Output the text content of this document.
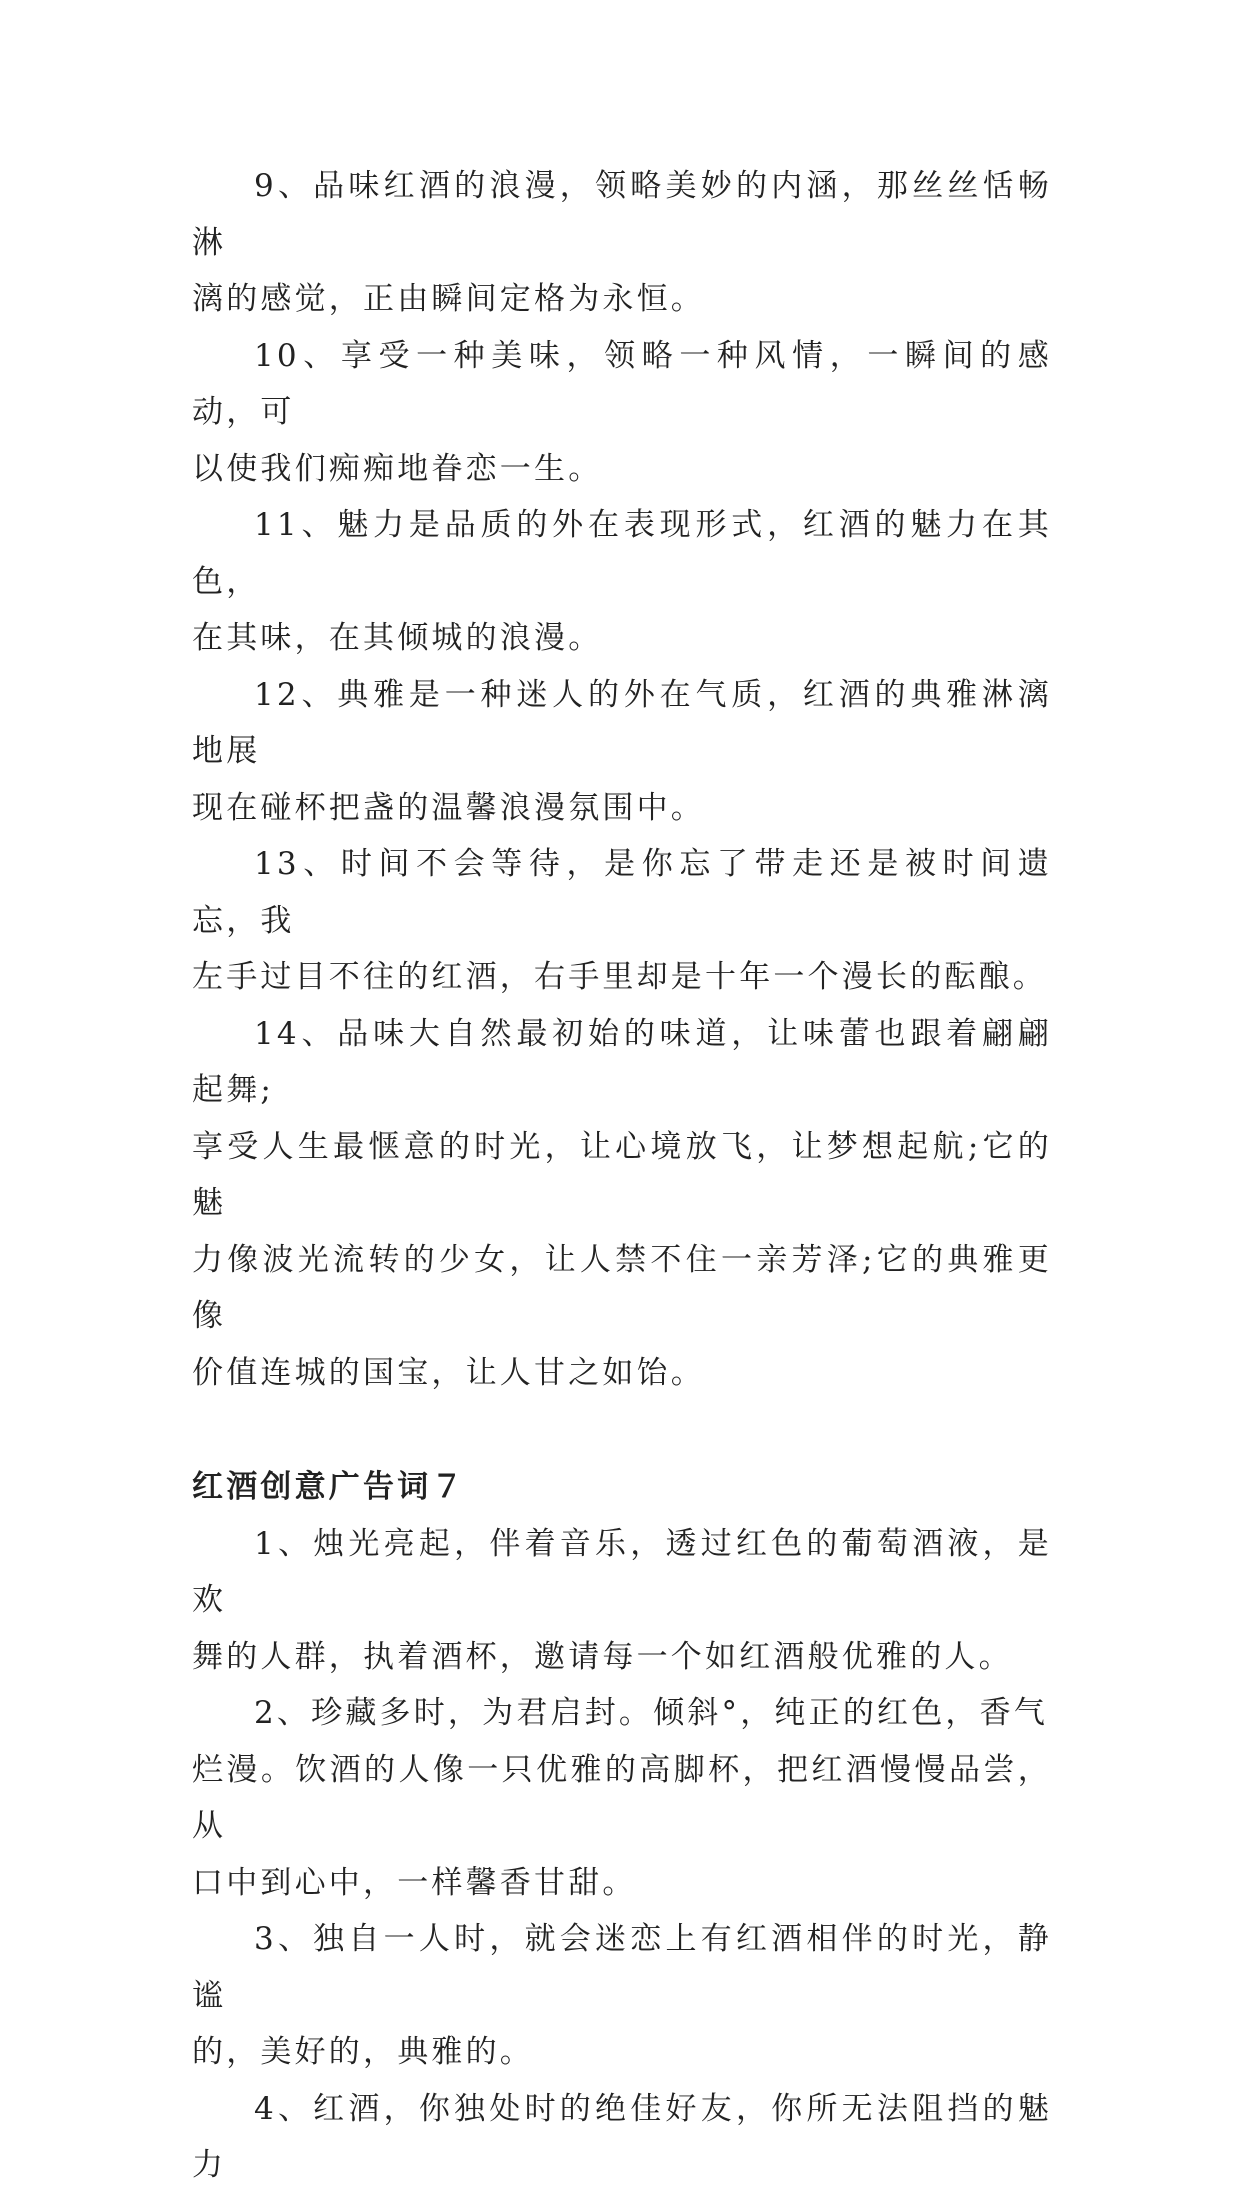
9、品味红酒的浪漫，领略美妙的内涵，那丝丝恬畅淋
漓的感觉，正由瞬间定格为永恒。

10、享受一种美味，领略一种风情，一瞬间的感动，可
以使我们痴痴地眷恋一生。

11、魅力是品质的外在表现形式，红酒的魅力在其色，
在其味，在其倾城的浪漫。

12、典雅是一种迷人的外在气质，红酒的典雅淋漓地展
现在碰杯把盏的温馨浪漫氛围中。

13、时间不会等待，是你忘了带走还是被时间遗忘，我
左手过目不往的红酒，右手里却是十年一个漫长的酝酿。

14、品味大自然最初始的味道，让味蕾也跟着翩翩起舞;
享受人生最惬意的时光，让心境放飞，让梦想起航;它的魅
力像波光流转的少女，让人禁不住一亲芳泽;它的典雅更像
价值连城的国宝，让人甘之如饴。

红酒创意广告词７

1、烛光亮起，伴着音乐，透过红色的葡萄酒液，是欢
舞的人群，执着酒杯，邀请每一个如红酒般优雅的人。

2、珍藏多时，为君启封。倾斜°，纯正的红色，香气
烂漫。饮酒的人像一只优雅的高脚杯，把红酒慢慢品尝，从
口中到心中，一样馨香甘甜。

3、独自一人时，就会迷恋上有红酒相伴的时光，静谧
的，美好的，典雅的。

4、红酒，你独处时的绝佳好友，你所无法阻挡的魅力
